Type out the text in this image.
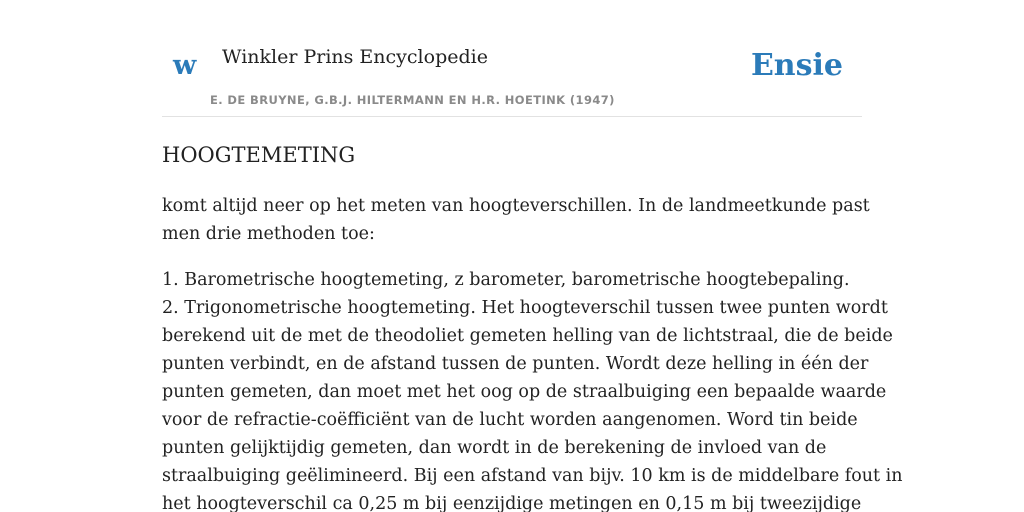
w Winkler Prins Encyclopedie
E. DE BRUYNE, G.B.J. HILTERMANN EN H.R. HOETINK (1947)
Ensie
HOOGTEMETING

komt altijd neer op het meten van hoogteverschillen. In de landmeetkunde past
men drie methoden toe:

1. Barometrische hoogtemeting, z barometer, barometrische hoogtebepaling.
2. Trigonometrische hoogtemeting. Het hoogteverschil tussen twee punten wordt
berekend uit de met de theodoliet gemeten helling van de lichtstraal, die de beide
punten verbindt, en de afstand tussen de punten. Wordt deze helling in één der
punten gemeten, dan moet met het oog op de straalbuiging een bepaalde waarde
voor de refractie-coëfficiënt van de lucht worden aangenomen. Word tin beide
punten gelijktijdig gemeten, dan wordt in de berekening de invloed van de
straalbuiging geëlimineerd. Bij een afstand van bijv. 10 km is de middelbare fout in
het hoogteverschil ca 0,25 m bij eenzijdige metingen en 0,15 m bij tweezijdige
